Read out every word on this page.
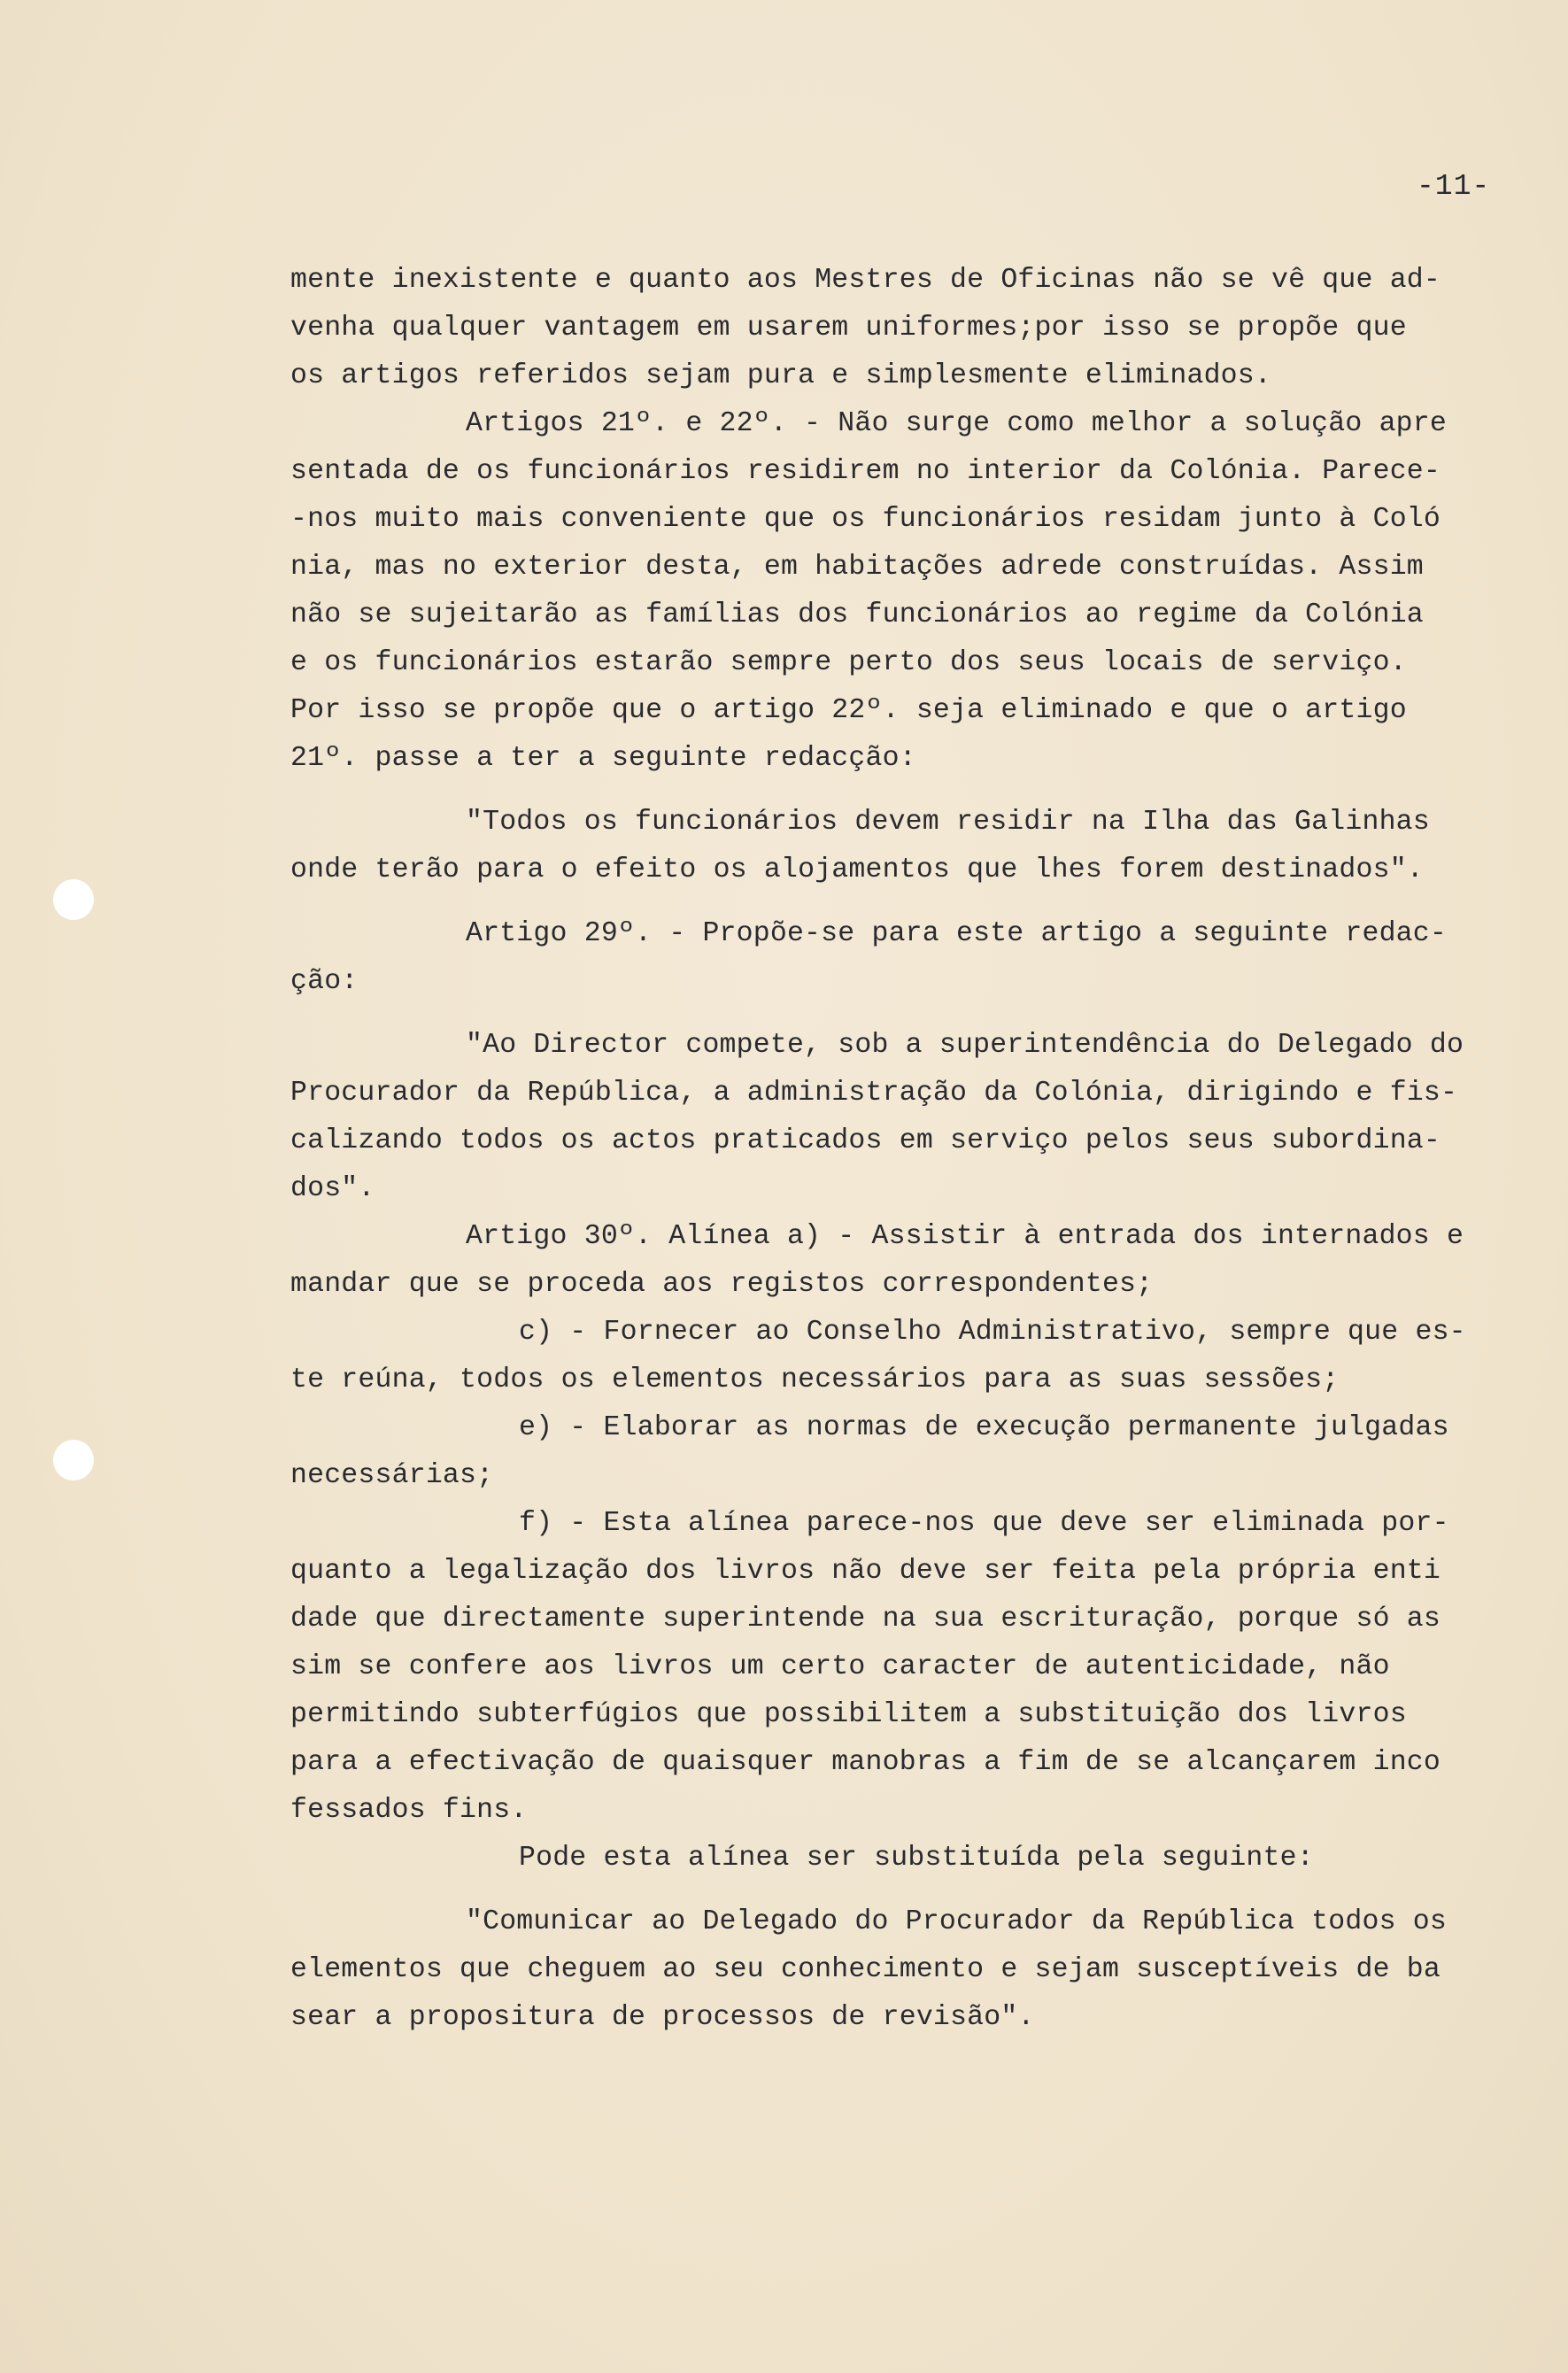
-11-
mente inexistente e quanto aos Mestres de Oficinas não se vê que ad-
venha qualquer vantagem em usarem uniformes;por isso se propõe que
os artigos referidos sejam pura e simplesmente eliminados.
Artigos 21º. e 22º. - Não surge como melhor a solução apre
sentada de os funcionários residirem no interior da Colónia. Parece-
-nos muito mais conveniente que os funcionários residam junto à Coló
nia, mas no exterior desta, em habitações adrede construídas. Assim
não se sujeitarão as famílias dos funcionários ao regime da Colónia
e os funcionários estarão sempre perto dos seus locais de serviço.
Por isso se propõe que o artigo 22º. seja eliminado e que o artigo
21º. passe a ter a seguinte redacção:
"Todos os funcionários devem residir na Ilha das Galinhas
onde terão para o efeito os alojamentos que lhes forem destinados".
Artigo 29º. - Propõe-se para este artigo a seguinte redac-
ção:
"Ao Director compete, sob a superintendência do Delegado do
Procurador da República, a administração da Colónia, dirigindo e fis-
calizando todos os actos praticados em serviço pelos seus subordina-
dos".
Artigo 30º. Alínea a) - Assistir à entrada dos internados e
mandar que se proceda aos registos correspondentes;
c) - Fornecer ao Conselho Administrativo, sempre que es-
te reúna, todos os elementos necessários para as suas sessões;
e) - Elaborar as normas de execução permanente julgadas
necessárias;
f) - Esta alínea parece-nos que deve ser eliminada por-
quanto a legalização dos livros não deve ser feita pela própria enti
dade que directamente superintende na sua escrituração, porque só as
sim se confere aos livros um certo caracter de autenticidade, não
permitindo subterfúgios que possibilitem a substituição dos livros
para a efectivação de quaisquer manobras a fim de se alcançarem inco
fessados fins.
Pode esta alínea ser substituída pela seguinte:
"Comunicar ao Delegado do Procurador da República todos os
elementos que cheguem ao seu conhecimento e sejam susceptíveis de ba
sear a propositura de processos de revisão".
